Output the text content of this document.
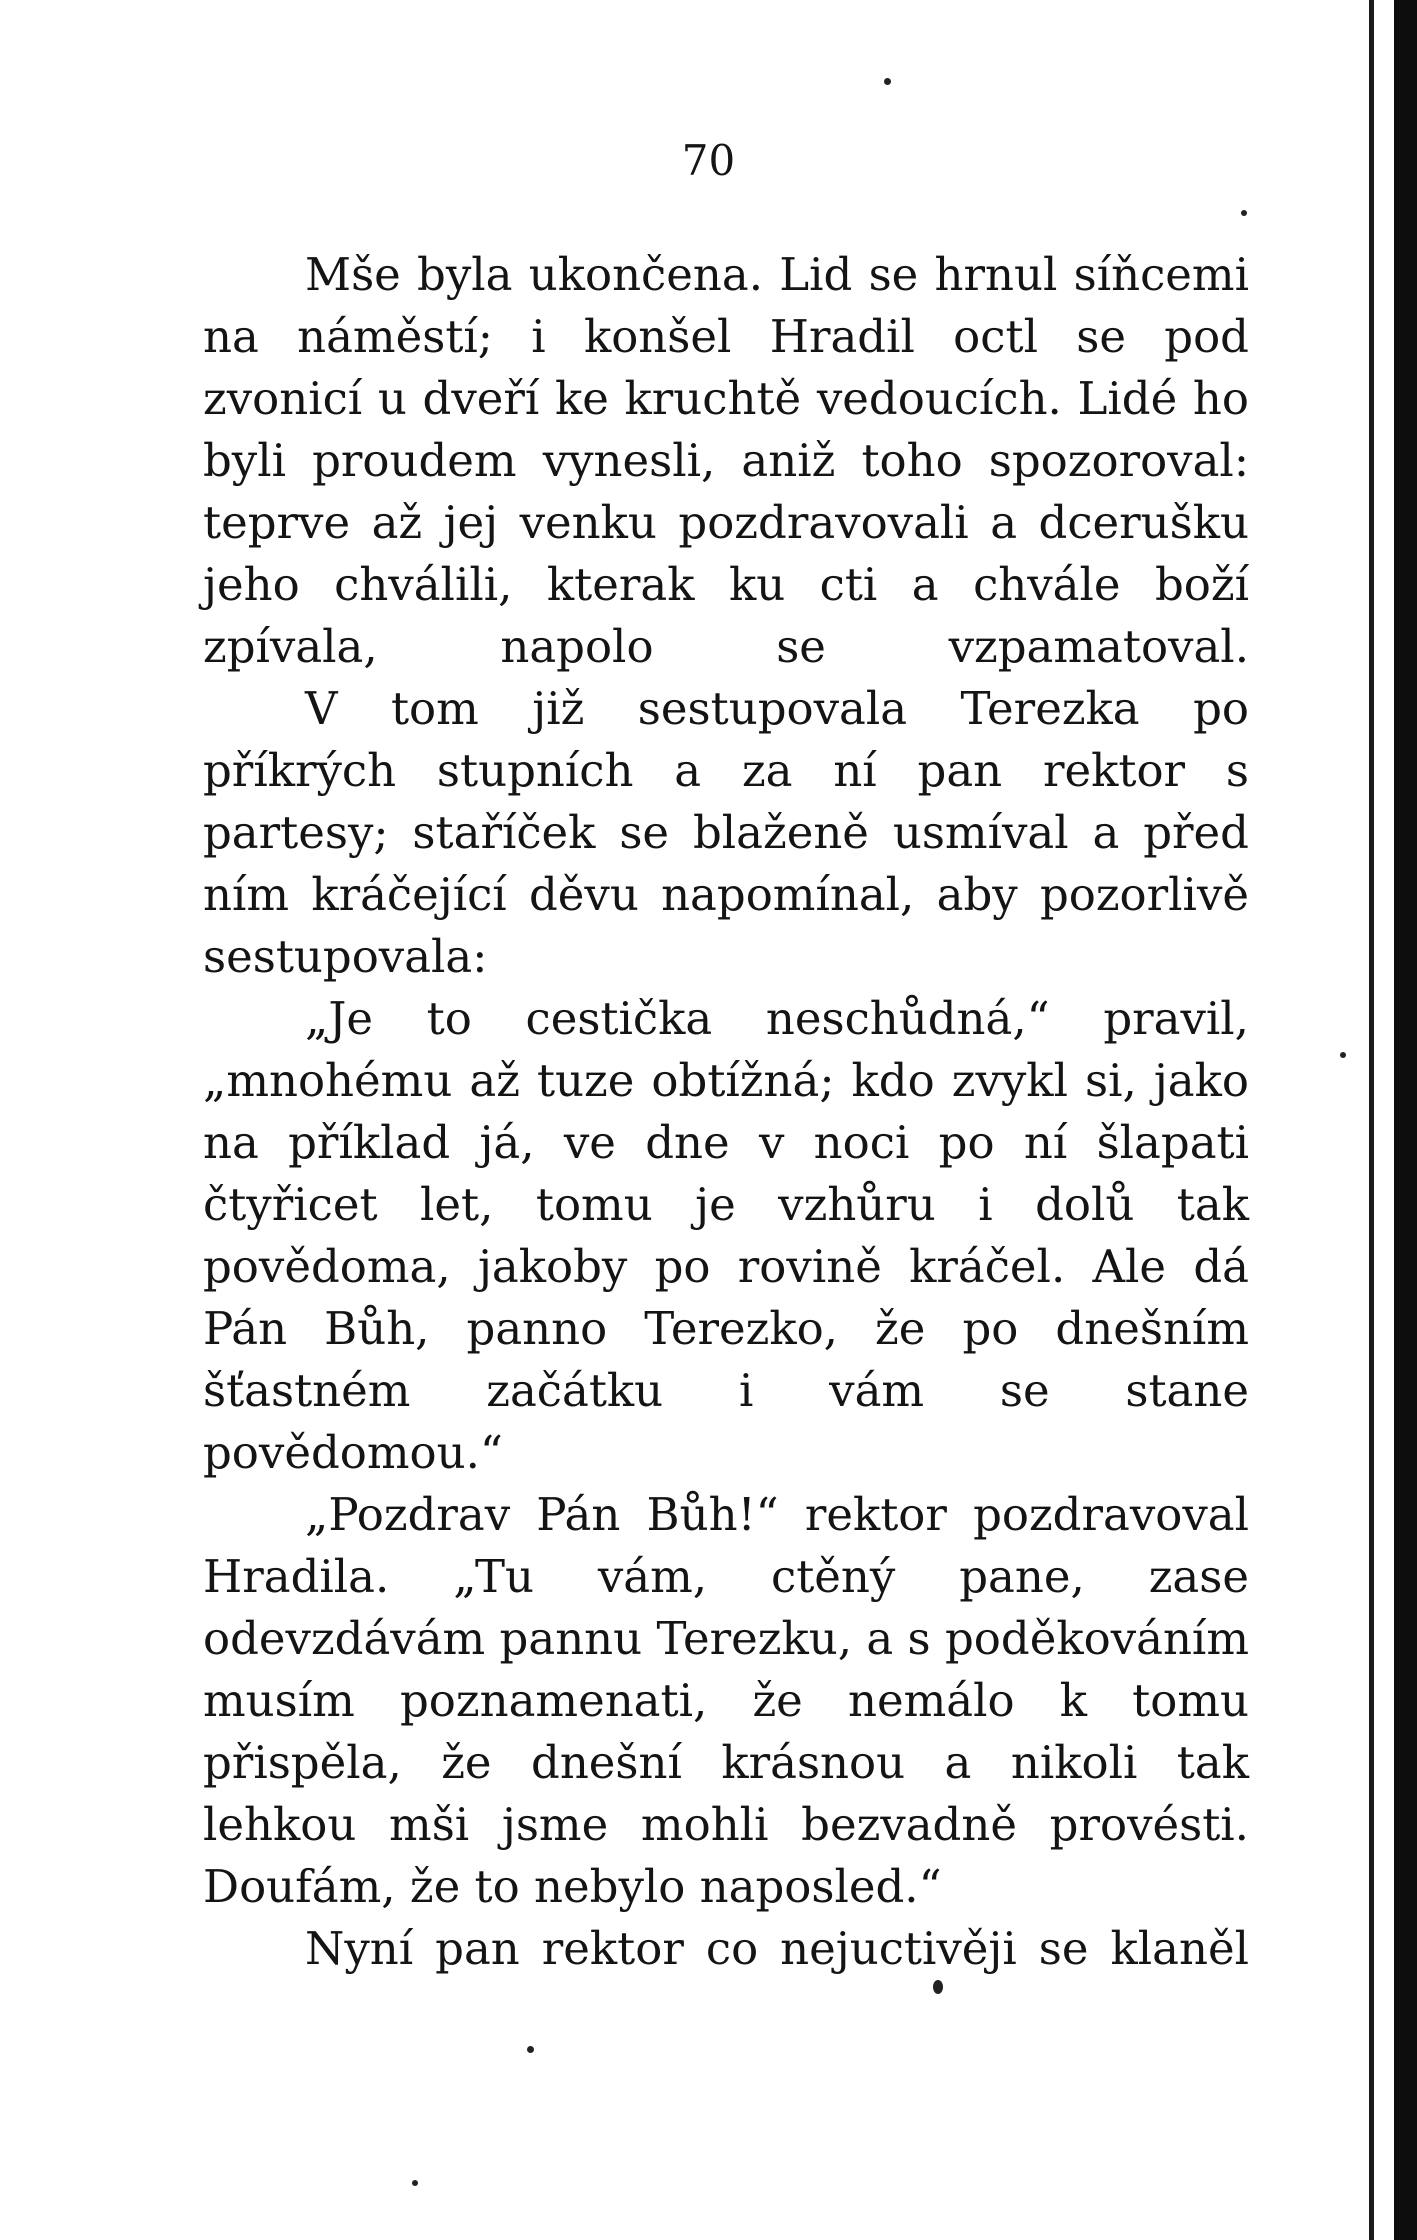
70

Mše byla ukončena. Lid se hrnul síňcemi na náměstí; i konšel Hradil octl se pod zvonicí u dveří ke kruchtě vedoucích. Lidé ho byli proudem vynesli, aniž toho spozoroval: teprve až jej venku pozdravovali a dcerušku jeho chválili, kterak ku cti a chvále boží zpívala, napolo se vzpamatoval.

V tom již sestupovala Terezka po příkrých stupních a za ní pan rektor s partesy; staříček se blaženě usmíval a před ním kráčející děvu napomínal, aby pozorlivě sestupovala:

„Je to cestička neschůdná,“ pravil, „mnohému až tuze obtížná; kdo zvykl si, jako na příklad já, ve dne v noci po ní šlapati čtyřicet let, tomu je vzhůru i dolů tak povědoma, jakoby po rovině kráčel. Ale dá Pán Bůh, panno Terezko, že po dnešním šťastném začátku i vám se stane povědomou.“

„Pozdrav Pán Bůh!“ rektor pozdravoval Hradila. „Tu vám, ctěný pane, zase odevzdávám pannu Terezku, a s poděkováním musím poznamenati, že nemálo k tomu přispěla, že dnešní krásnou a nikoli tak lehkou mši jsme mohli bezvadně provésti. Doufám, že to nebylo naposled.“

Nyní pan rektor co nejuctivěji se klaněl
